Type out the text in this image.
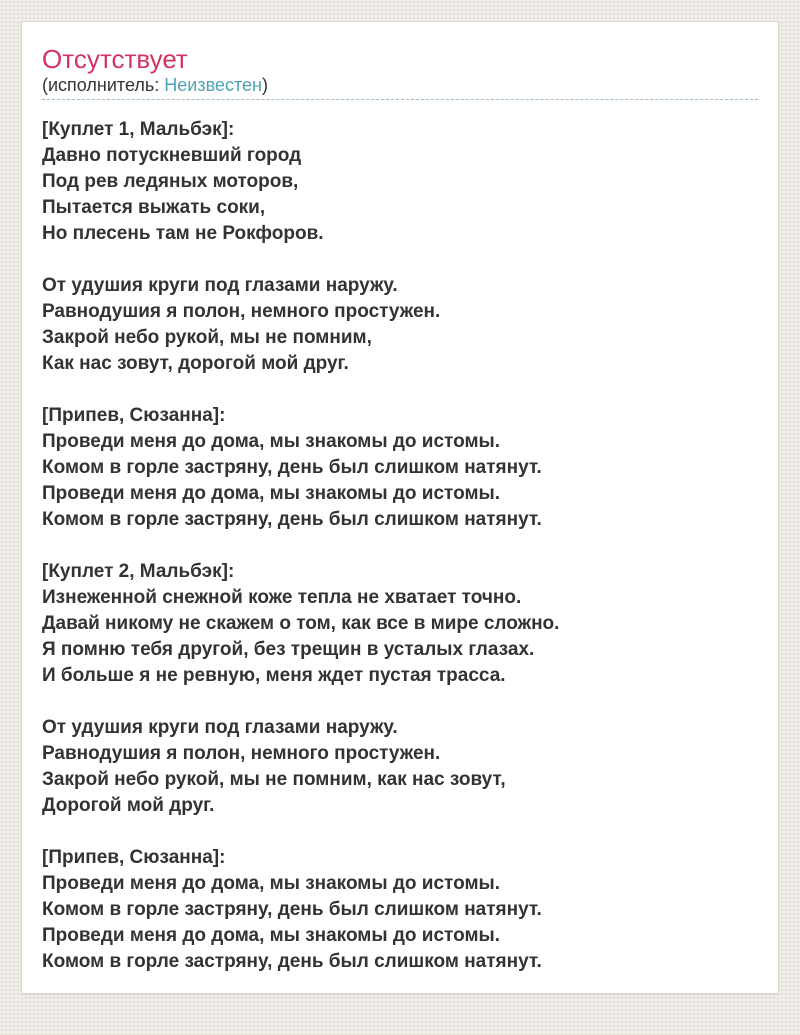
Отсутствует
(исполнитель: Неизвестен)
[Куплет 1, Мальбэк]:
Давно потускневший город
Под рев ледяных моторов,
Пытается выжать соки,
Но плесень там не Рокфоров.
От удушия круги под глазами наружу.
Равнодушия я полон, немного простужен.
Закрой небо рукой, мы не помним,
Как нас зовут, дорогой мой друг.
[Припев, Сюзанна]:
Проведи меня до дома, мы знакомы до истомы.
Комом в горле застряну, день был слишком натянут.
Проведи меня до дома, мы знакомы до истомы.
Комом в горле застряну, день был слишком натянут.
[Куплет 2, Мальбэк]:
Изнеженной снежной коже тепла не хватает точно.
Давай никому не скажем о том, как все в мире сложно.
Я помню тебя другой, без трещин в усталых глазах.
И больше я не ревную, меня ждет пустая трасса.
От удушия круги под глазами наружу.
Равнодушия я полон, немного простужен.
Закрой небо рукой, мы не помним, как нас зовут,
Дорогой мой друг.
[Припев, Сюзанна]:
Проведи меня до дома, мы знакомы до истомы.
Комом в горле застряну, день был слишком натянут.
Проведи меня до дома, мы знакомы до истомы.
Комом в горле застряну, день был слишком натянут.
